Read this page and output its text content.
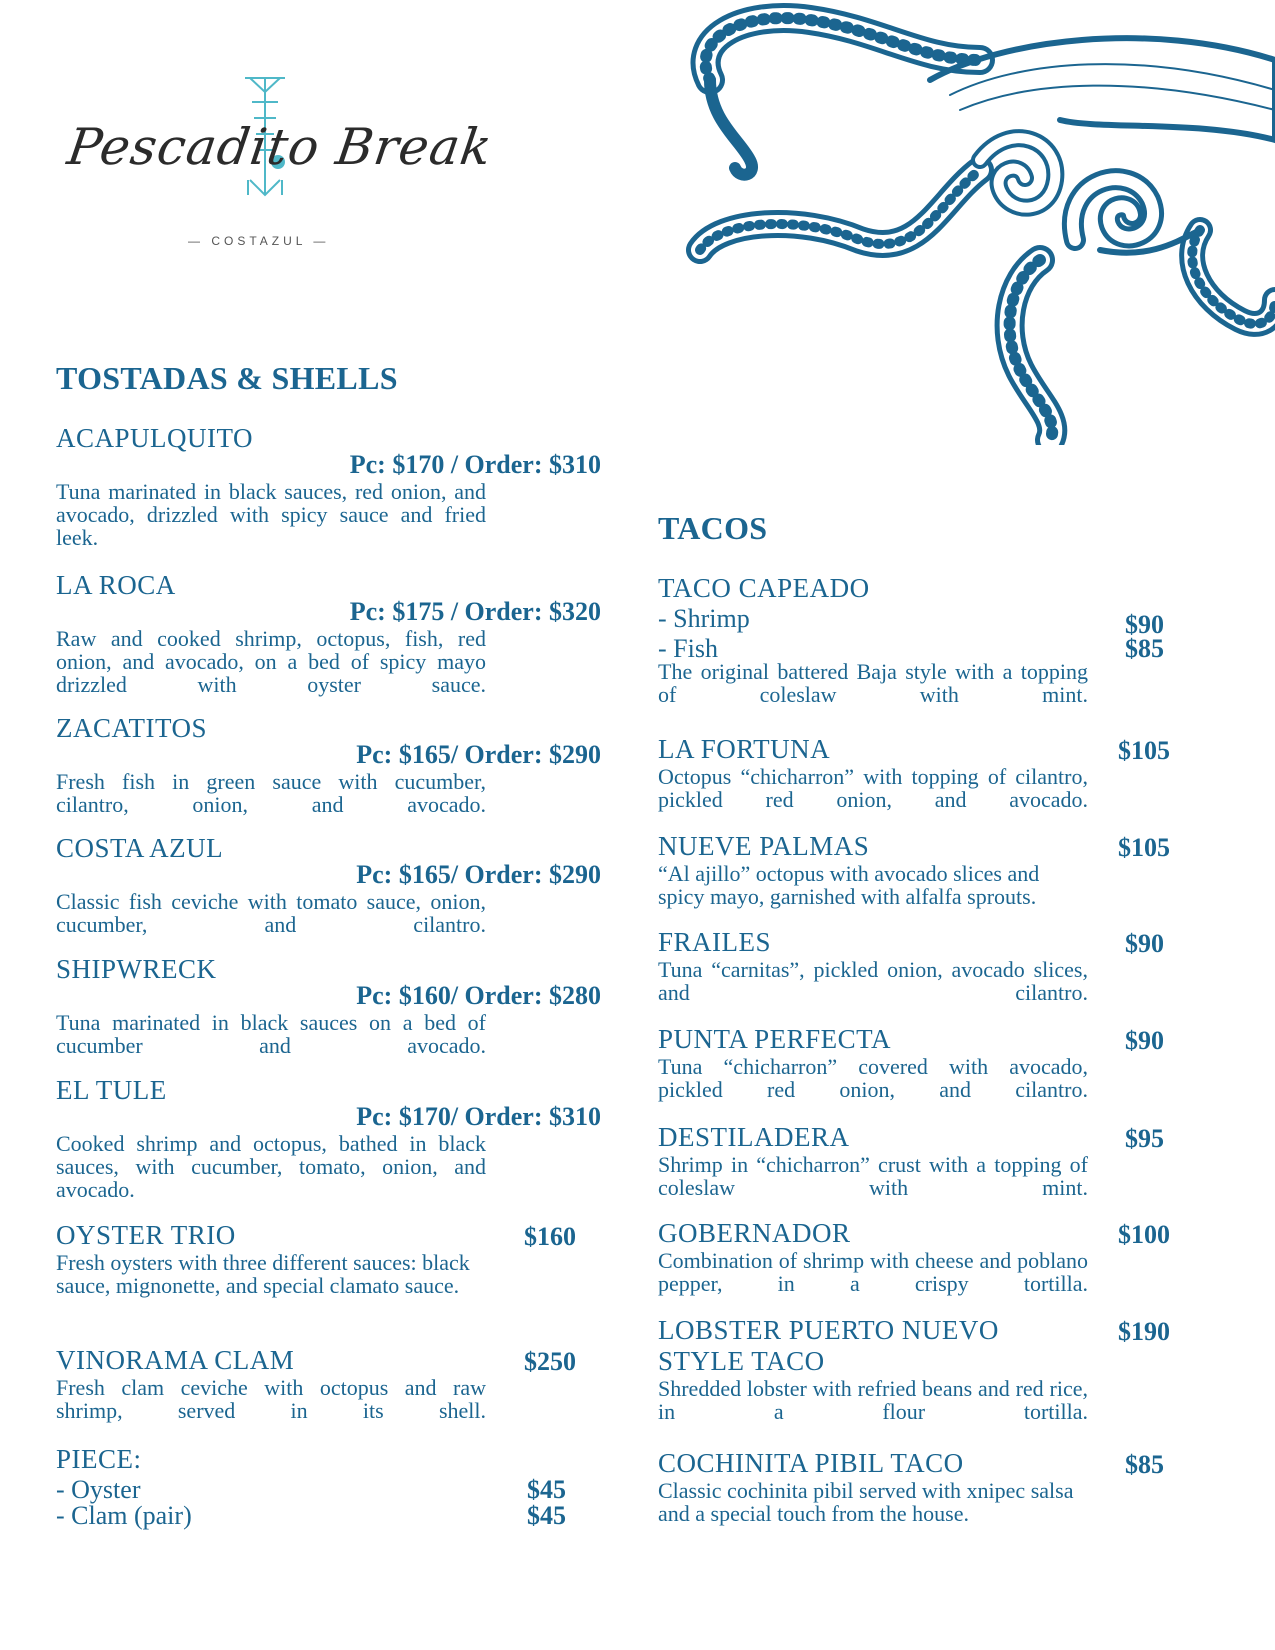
Pescadito Break
— COSTAZUL —
TOSTADAS & SHELLS
ACAPULQUITO
Pc: $170 / Order: $310
Tuna marinated in black sauces, red onion, and avocado, drizzled with spicy sauce and fried leek.
LA ROCA
Pc: $175 / Order: $320
Raw and cooked shrimp, octopus, fish, red onion, and avocado, on a bed of spicy mayo drizzled with oyster sauce.
ZACATITOS
Pc: $165/ Order: $290
Fresh fish in green sauce with cucumber, cilantro, onion, and avocado.
COSTA AZUL
Pc: $165/ Order: $290
Classic fish ceviche with tomato sauce, onion, cucumber, and cilantro.
SHIPWRECK
Pc: $160/ Order: $280
Tuna marinated in black sauces on a bed of cucumber and avocado.
EL TULE
Pc: $170/ Order: $310
Cooked shrimp and octopus, bathed in black sauces, with cucumber, tomato, onion, and avocado.
OYSTER TRIO	$160
Fresh oysters with three different sauces: black sauce, mignonette, and special clamato sauce.
VINORAMA CLAM	$250
Fresh clam ceviche with octopus and raw shrimp, served in its shell.
PIECE:
- Oyster	$45
- Clam (pair)	$45
TACOS
TACO CAPEADO
- Shrimp	$90
- Fish	$85
The original battered Baja style with a topping of coleslaw with mint.
LA FORTUNA	$105
Octopus “chicharron” with topping of cilantro, pickled red onion, and avocado.
NUEVE PALMAS	$105
“Al ajillo” octopus with avocado slices and spicy mayo, garnished with alfalfa sprouts.
FRAILES	$90
Tuna “carnitas”, pickled onion, avocado slices, and cilantro.
PUNTA PERFECTA	$90
Tuna “chicharron” covered with avocado, pickled red onion, and cilantro.
DESTILADERA	$95
Shrimp in “chicharron” crust with a topping of coleslaw with mint.
GOBERNADOR	$100
Combination of shrimp with cheese and poblano pepper, in a crispy tortilla.
LOBSTER PUERTO NUEVO STYLE TACO
$190
Shredded lobster with refried beans and red rice, in a flour tortilla.
COCHINITA PIBIL TACO	$85
Classic cochinita pibil served with xnipec salsa and a special touch from the house.
